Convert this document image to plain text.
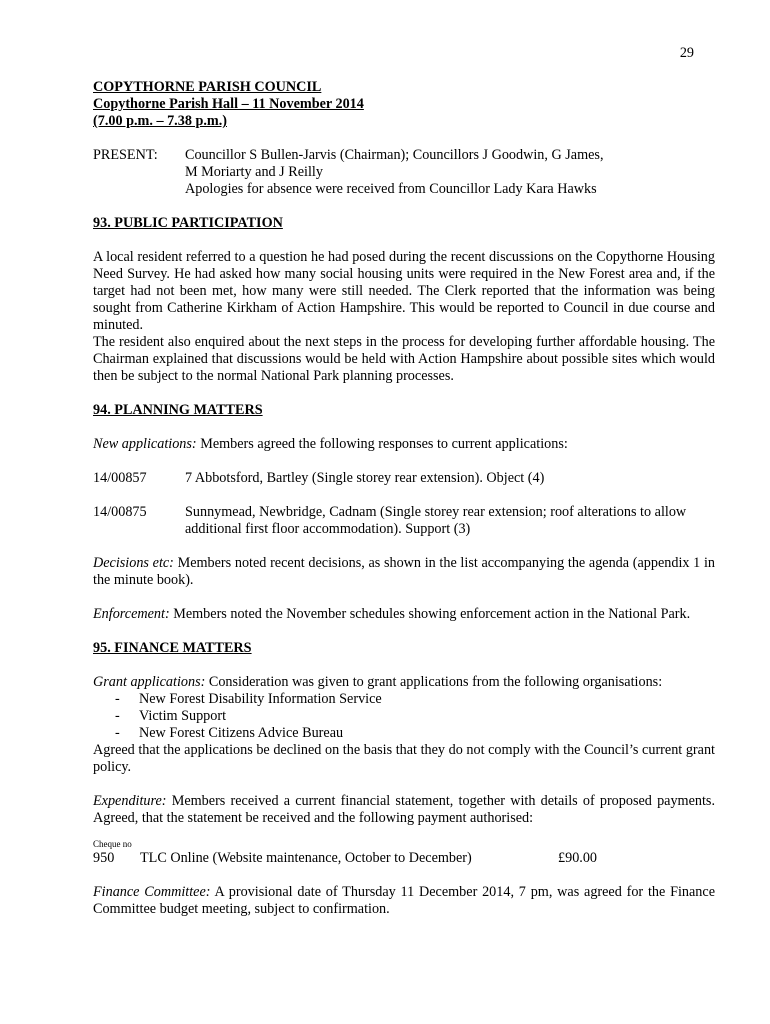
29
COPYTHORNE PARISH COUNCIL
Copythorne Parish Hall – 11 November 2014
(7.00 p.m. – 7.38 p.m.)
PRESENT:	Councillor S Bullen-Jarvis (Chairman); Councillors J Goodwin, G James,
M Moriarty and J Reilly
Apologies for absence were received from Councillor Lady Kara Hawks
93. PUBLIC PARTICIPATION
A local resident referred to a question he had posed during the recent discussions on the Copythorne Housing Need Survey. He had asked how many social housing units were required in the New Forest area and, if the target had not been met, how many were still needed. The Clerk reported that the information was being sought from Catherine Kirkham of Action Hampshire. This would be reported to Council in due course and minuted.
The resident also enquired about the next steps in the process for developing further affordable housing. The Chairman explained that discussions would be held with Action Hampshire about possible sites which would then be subject to the normal National Park planning processes.
94. PLANNING MATTERS
New applications: Members agreed the following responses to current applications:
14/00857	7 Abbotsford, Bartley (Single storey rear extension). Object (4)
14/00875	Sunnymead, Newbridge, Cadnam (Single storey rear extension; roof alterations to allow additional first floor accommodation). Support (3)
Decisions etc: Members noted recent decisions, as shown in the list accompanying the agenda (appendix 1 in the minute book).
Enforcement: Members noted the November schedules showing enforcement action in the National Park.
95. FINANCE MATTERS
Grant applications: Consideration was given to grant applications from the following organisations:
- New Forest Disability Information Service
- Victim Support
- New Forest Citizens Advice Bureau
Agreed that the applications be declined on the basis that they do not comply with the Council’s current grant policy.
Expenditure: Members received a current financial statement, together with details of proposed payments. Agreed, that the statement be received and the following payment authorised:
Cheque no
950	TLC Online (Website maintenance, October to December)	£90.00
Finance Committee: A provisional date of Thursday 11 December 2014, 7 pm, was agreed for the Finance Committee budget meeting, subject to confirmation.
